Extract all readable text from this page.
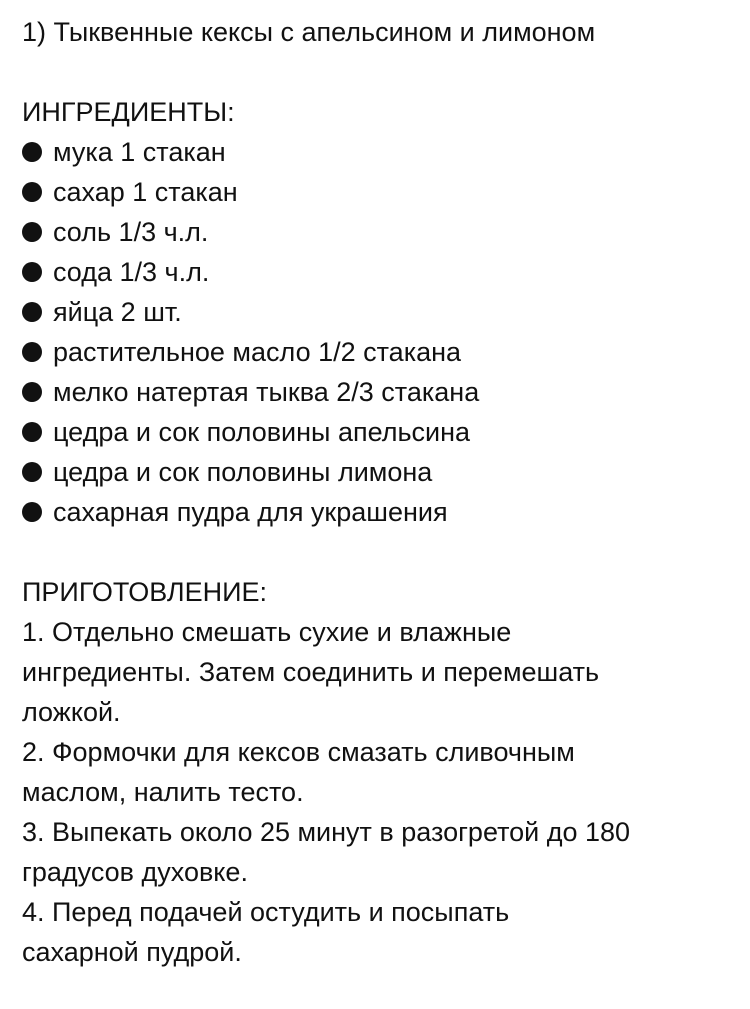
1) Тыквенные кексы с апельсином и лимоном

ИНГРЕДИЕНТЫ:

мука 1 стакан
сахар 1 стакан
соль 1/3 ч.л.
сода 1/3 ч.л.
яйца 2 шт.
растительное масло 1/2 стакана
мелко натертая тыква 2/3 стакана
цедра и сок половины апельсина
цедра и сок половины лимона
сахарная пудра для украшения

ПРИГОТОВЛЕНИЕ:

1. Отдельно смешать сухие и влажные

ингредиенты. Затем соединить и перемешать

ложкой.

2. Формочки для кексов смазать сливочным

маслом, налить тесто.

3. Выпекать около 25 минут в разогретой до 180

градусов духовке.

4. Перед подачей остудить и посыпать

сахарной пудрой.
